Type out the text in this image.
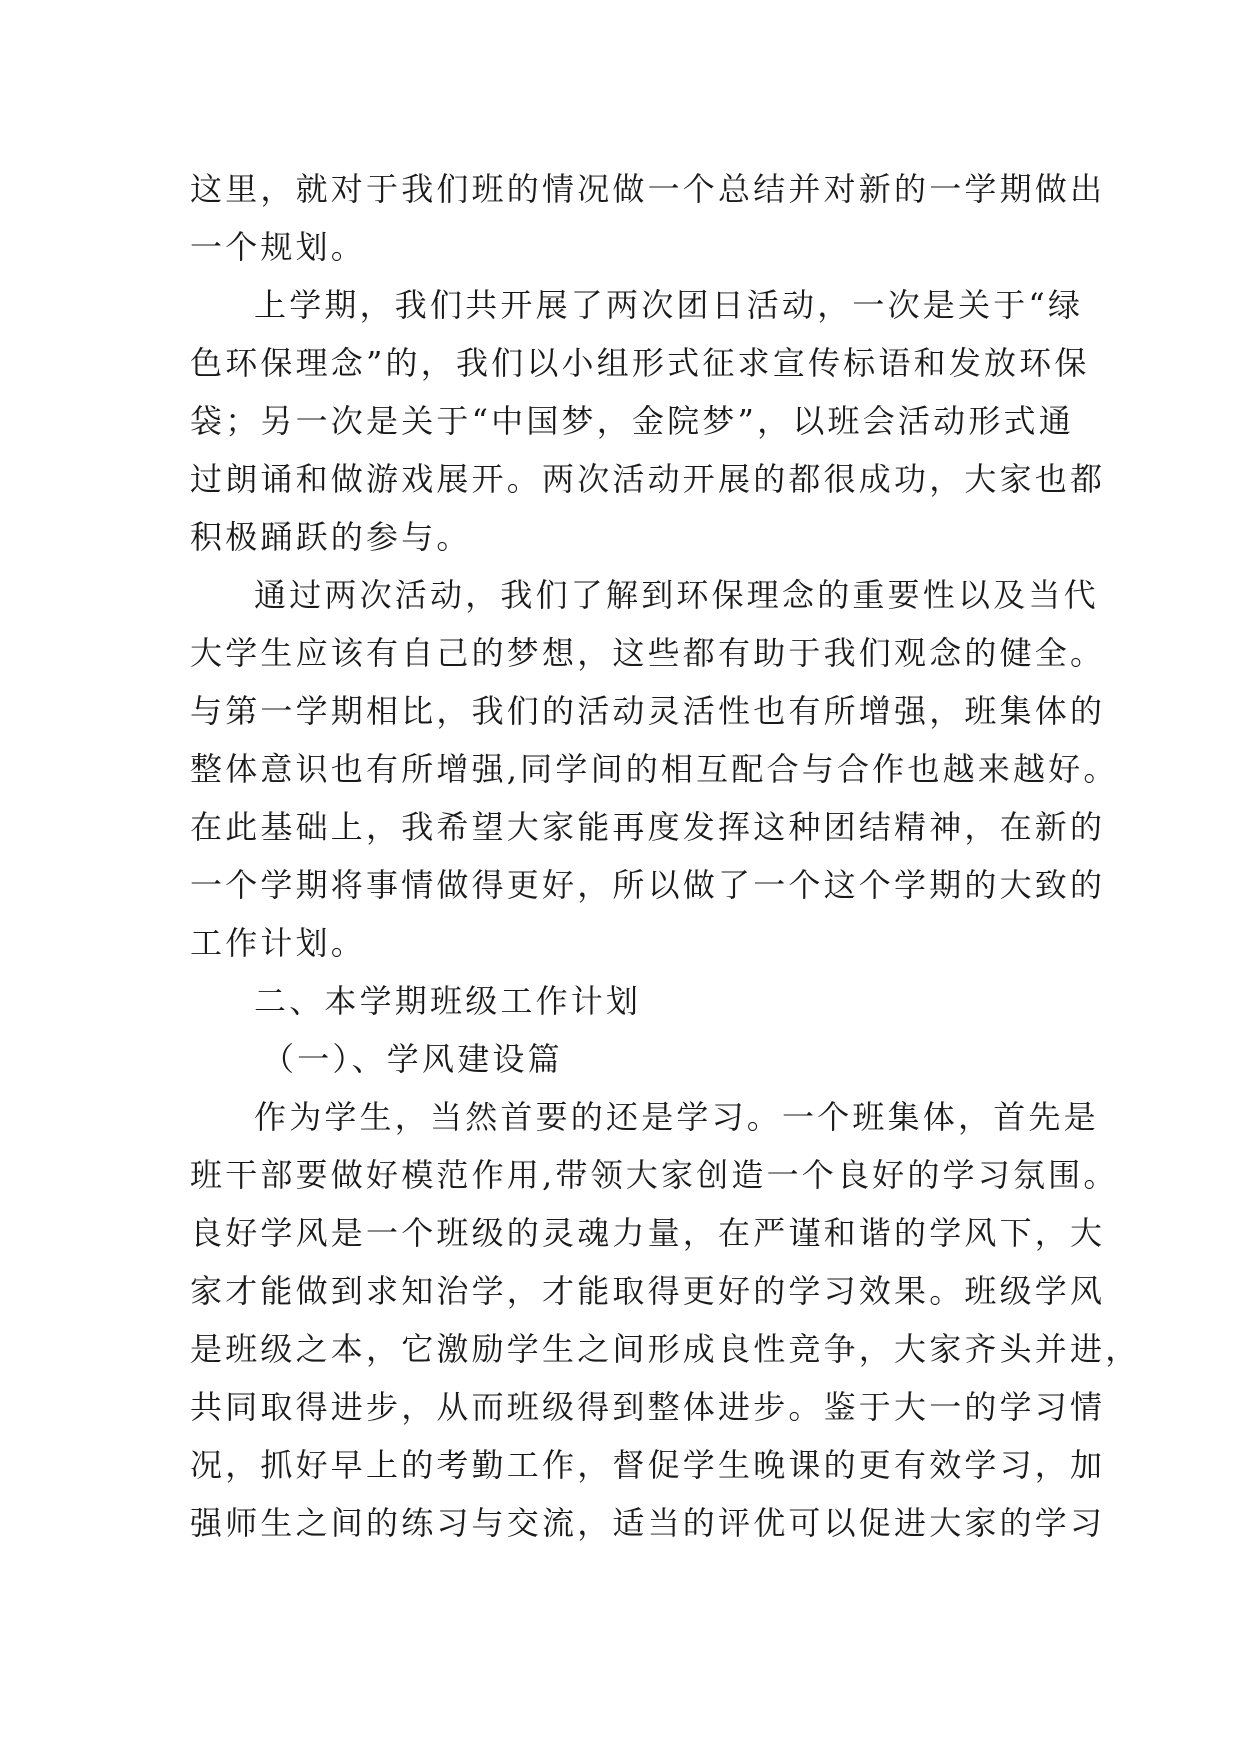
这里，就对于我们班的情况做一个总结并对新的一学期做出
一个规划。
上学期，我们共开展了两次团日活动，一次是关于“绿
色环保理念”的，我们以小组形式征求宣传标语和发放环保
袋；另一次是关于“中国梦，金院梦”，以班会活动形式通
过朗诵和做游戏展开。两次活动开展的都很成功，大家也都
积极踊跃的参与。
通过两次活动，我们了解到环保理念的重要性以及当代
大学生应该有自己的梦想，这些都有助于我们观念的健全。
与第一学期相比，我们的活动灵活性也有所增强，班集体的
整体意识也有所增强,同学间的相互配合与合作也越来越好。
在此基础上，我希望大家能再度发挥这种团结精神，在新的
一个学期将事情做得更好，所以做了一个这个学期的大致的
工作计划。
二、本学期班级工作计划
（一）、学风建设篇
作为学生，当然首要的还是学习。一个班集体，首先是
班干部要做好模范作用,带领大家创造一个良好的学习氛围。
良好学风是一个班级的灵魂力量，在严谨和谐的学风下，大
家才能做到求知治学，才能取得更好的学习效果。班级学风
是班级之本，它激励学生之间形成良性竞争，大家齐头并进，
共同取得进步，从而班级得到整体进步。鉴于大一的学习情
况，抓好早上的考勤工作，督促学生晚课的更有效学习，加
强师生之间的练习与交流，适当的评优可以促进大家的学习
